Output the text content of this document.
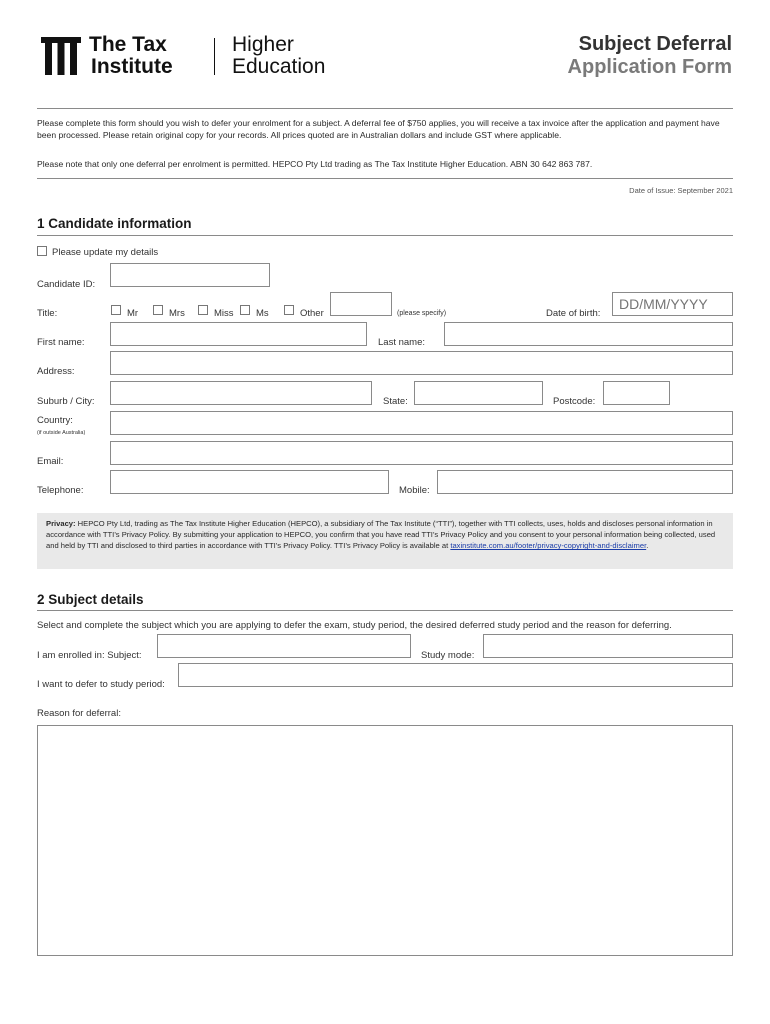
The Tax
Institute
Higher
Education
Subject Deferral
Application Form
Please complete this form should you wish to defer your enrolment for a subject. A deferral fee of $750 applies, you will receive a tax invoice after the application and payment have been processed. Please retain original copy for your records. All prices quoted are in Australian dollars and include GST where applicable.
Please note that only one deferral per enrolment is permitted. HEPCO Pty Ltd trading as The Tax Institute Higher Education. ABN 30 642 863 787.
Date of Issue: September 2021
1 Candidate information
Please update my details
Candidate ID:
Title:	Mr	Mrs	Miss Ms	Other	(please specify)	Date of birth:
DD/MM/YYYY
First name:	Last name:
Address:
Suburb / City:	State:	Postcode:
Country:
(if outside Australia)
Email:
Telephone:	Mobile:
Privacy: HEPCO Pty Ltd, trading as The Tax Institute Higher Education (HEPCO), a subsidiary of The Tax Institute (“TTI”), together with TTI collects, uses, holds and discloses personal information in accordance with TTI’s Privacy Policy. By submitting your application to HEPCO, you confirm that you have read TTI’s Privacy Policy and you consent to your personal information being collected, used and held by TTI and disclosed to third parties in accordance with TTI’s Privacy Policy. TTI’s Privacy Policy is available at taxinstitute.com.au/footer/privacy-copyright-and-disclaimer.
2 Subject details
Select and complete the subject which you are applying to defer the exam, study period, the desired deferred study period and the reason for deferring.
I am enrolled in: Subject:	Study mode:
I want to defer to study period:
Reason for deferral:
